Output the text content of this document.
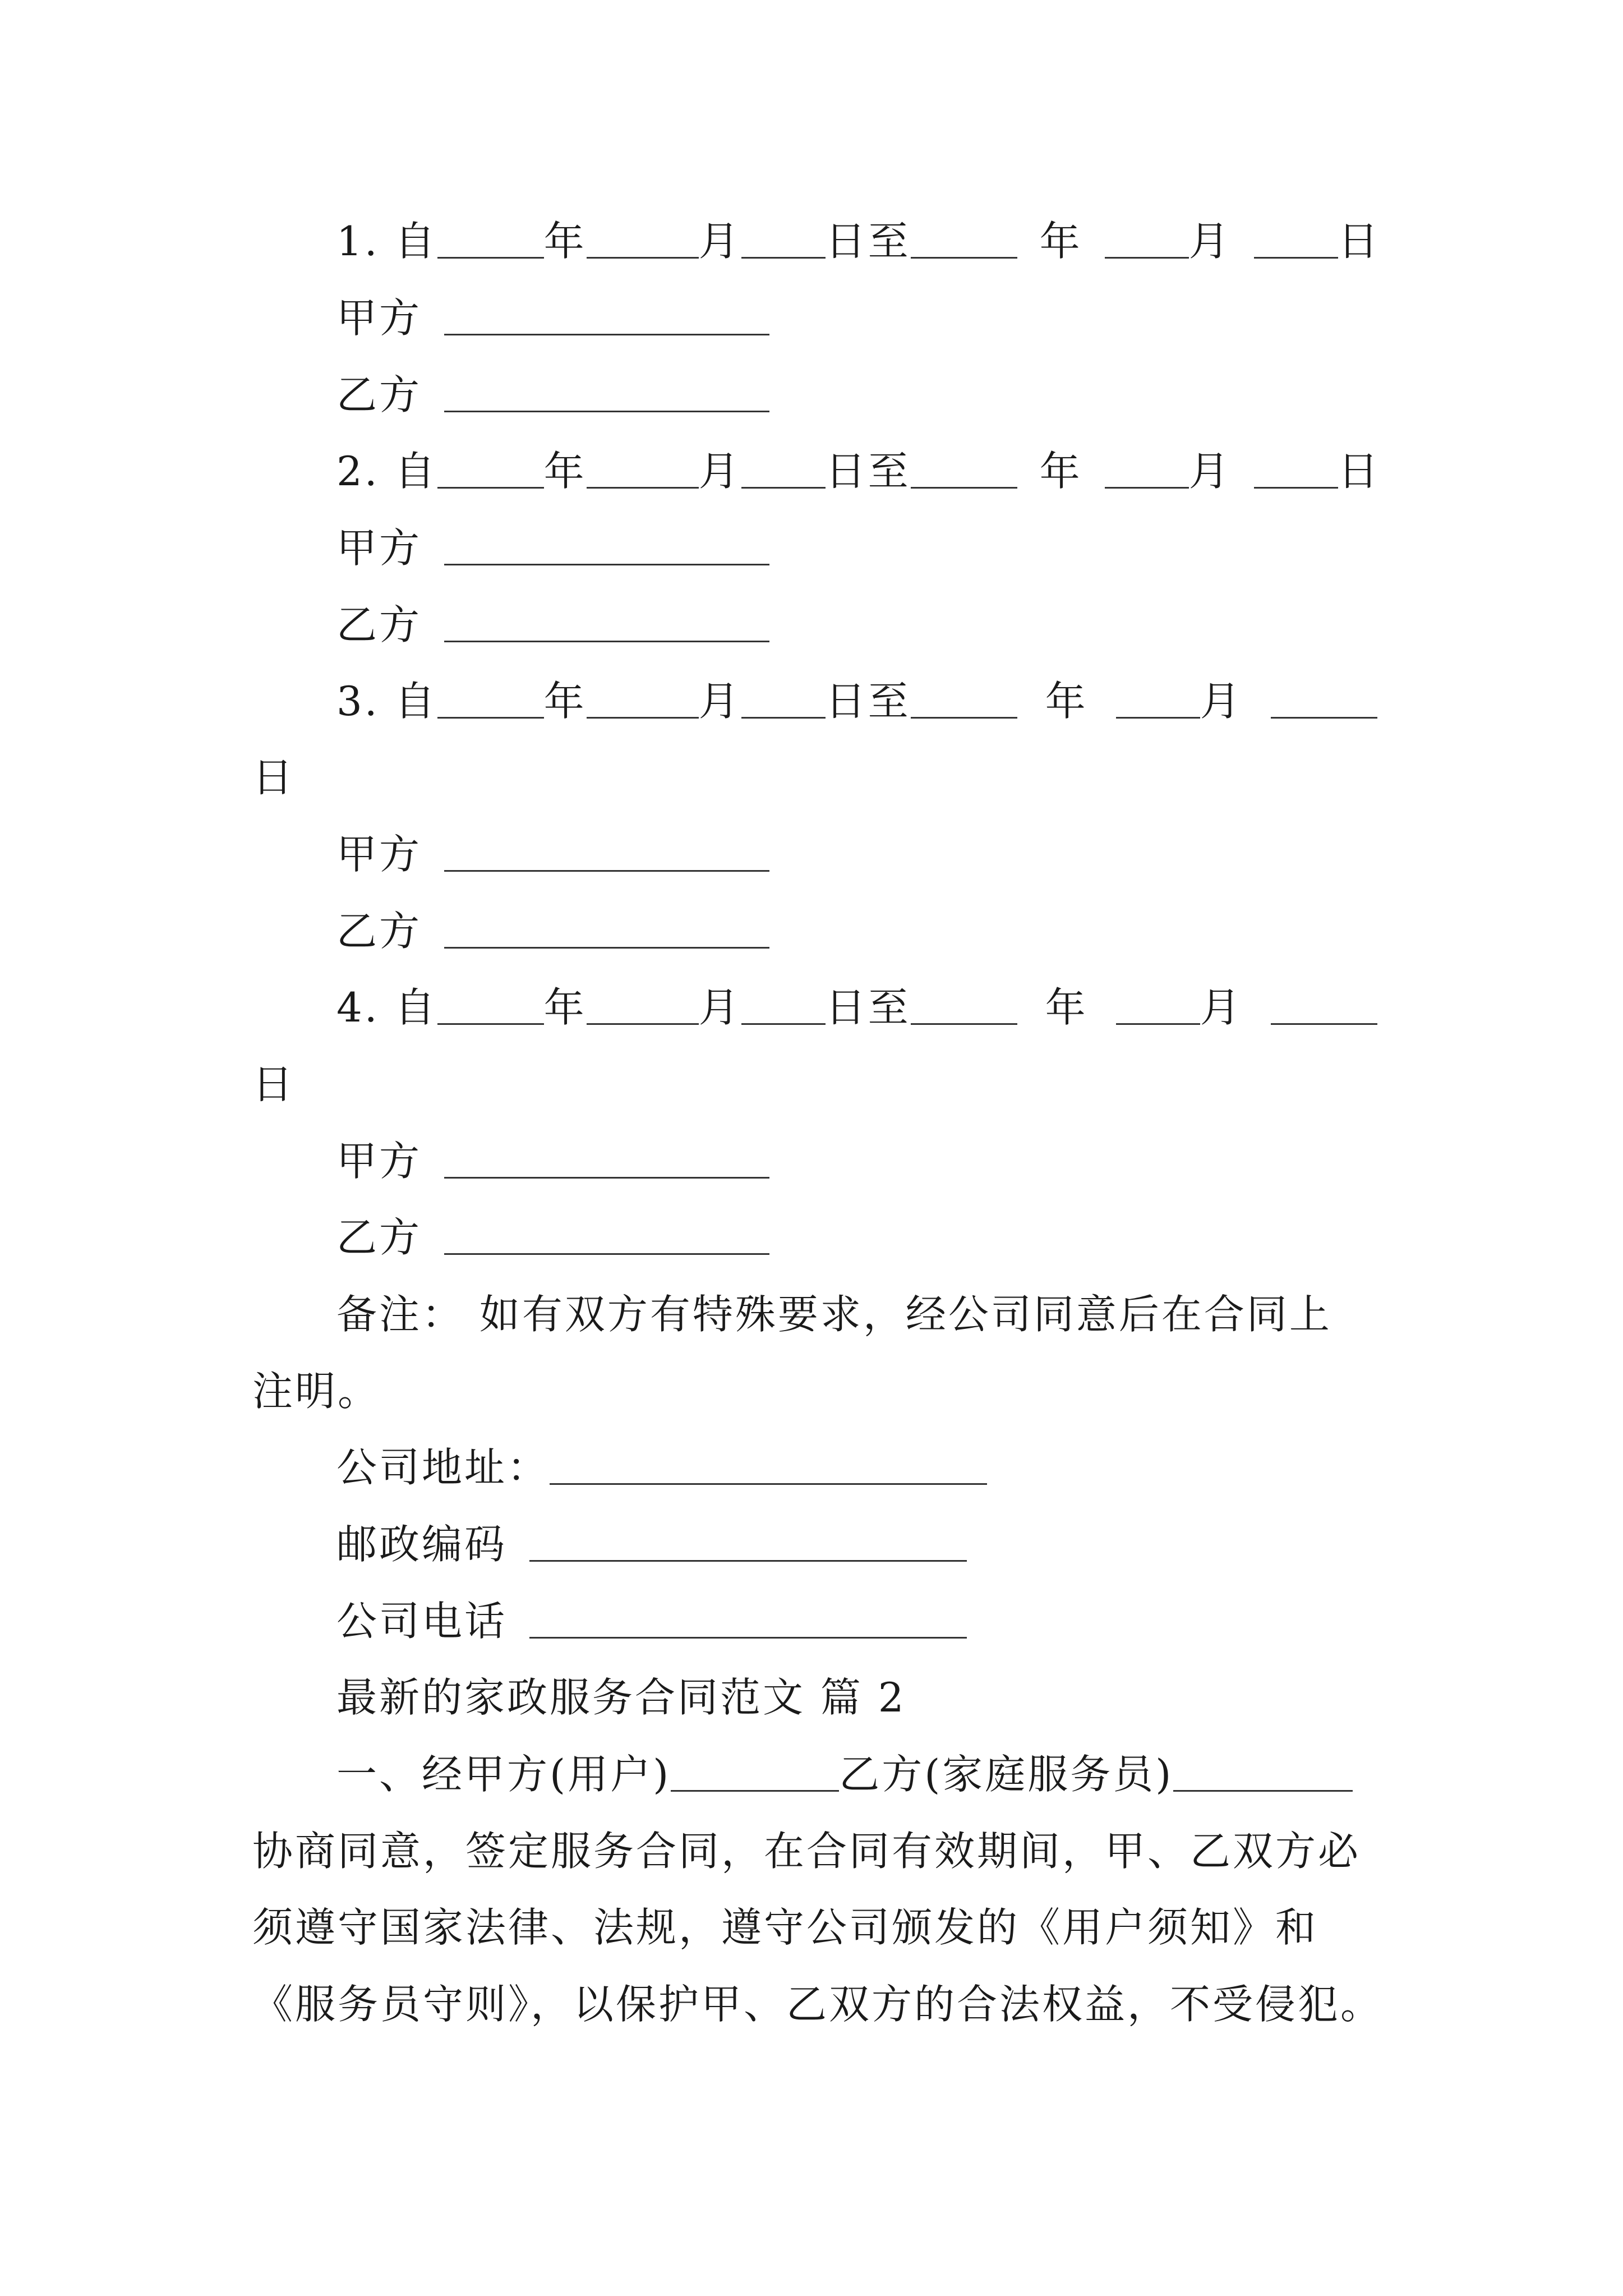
1. 自	年	月 日至	年	月	日
甲方
乙方
2. 自	年	月 日至	年	月	日
甲方
乙方
3. 自	年	月 日至	年	月
日
甲方
乙方
4. 自	年	月 日至	年	月
日
甲方
乙方
备注： 如有双方有特殊要求，经公司同意后在合同上
注明。
公司地址：
邮政编码
公司电话
最新的家政服务合同范文 篇 2
一、经甲方(用户)	乙方(家庭服务员)
协商同意，签定服务合同，在合同有效期间，甲、乙双方必
须遵守国家法律、法规，遵守公司颁发的《用户须知》和
《服务员守则》，以保护甲、乙双方的合法权益，不受侵犯。
